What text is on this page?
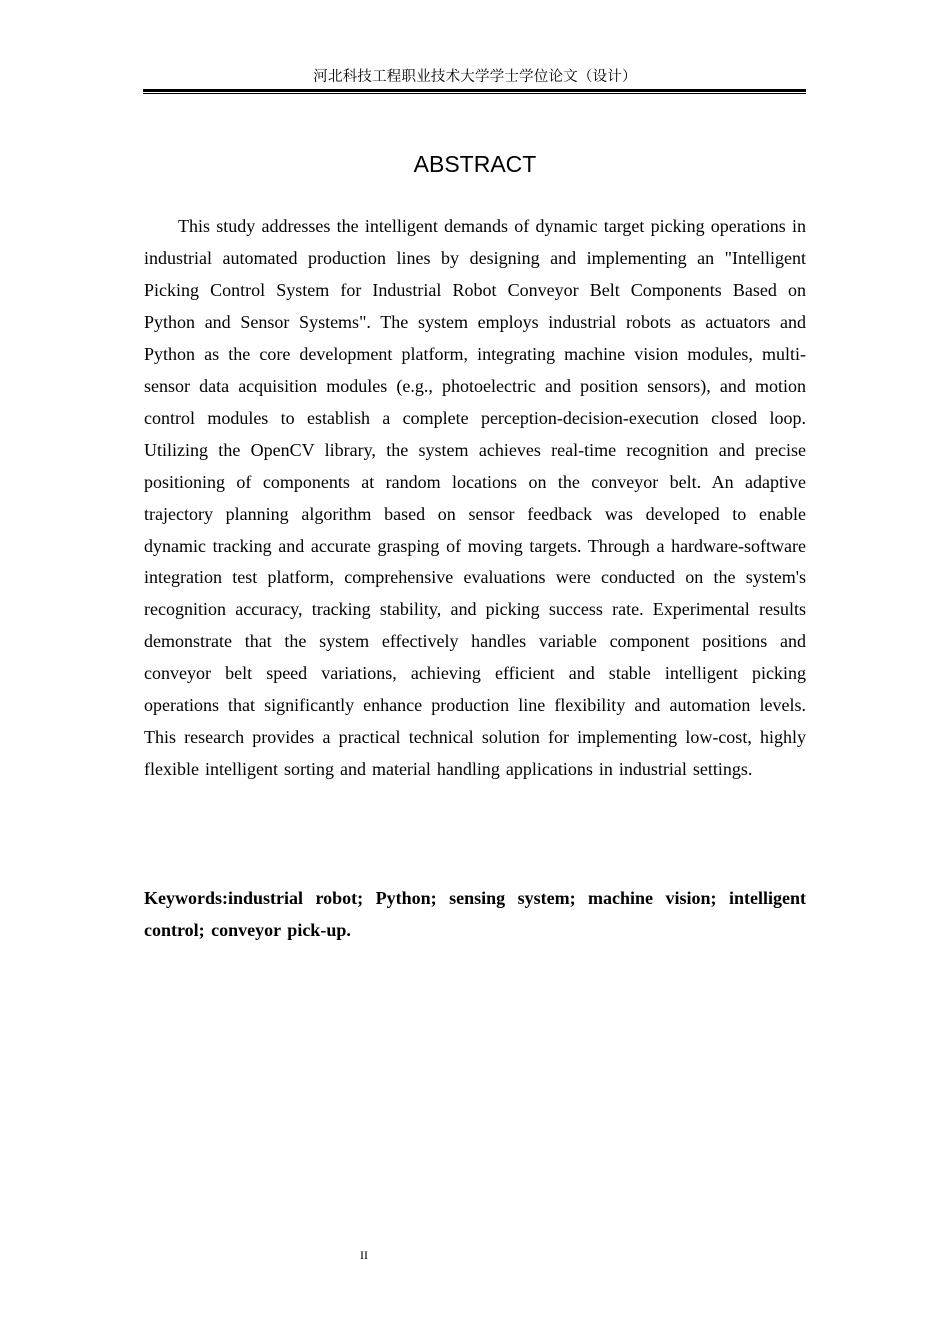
河北科技工程职业技术大学学士学位论文（设计）
ABSTRACT

This study addresses the intelligent demands of dynamic target picking operations in industrial automated production lines by designing and implementing an "Intelligent Picking Control System for Industrial Robot Conveyor Belt Components Based on Python and Sensor Systems". The system employs industrial robots as actuators and Python as the core development platform, integrating machine vision modules, multi-sensor data acquisition modules (e.g., photoelectric and position sensors), and motion control modules to establish a complete perception-decision-execution closed loop. Utilizing the OpenCV library, the system achieves real-time recognition and precise positioning of components at random locations on the conveyor belt. An adaptive trajectory planning algorithm based on sensor feedback was developed to enable dynamic tracking and accurate grasping of moving targets. Through a hardware-software integration test platform, comprehensive evaluations were conducted on the system's recognition accuracy, tracking stability, and picking success rate. Experimental results demonstrate that the system effectively handles variable component positions and conveyor belt speed variations, achieving efficient and stable intelligent picking operations that significantly enhance production line flexibility and automation levels. This research provides a practical technical solution for implementing low-cost, highly flexible intelligent sorting and material handling applications in industrial settings.

Keywords:industrial robot; Python; sensing system; machine vision; intelligent control; conveyor pick-up.

II
